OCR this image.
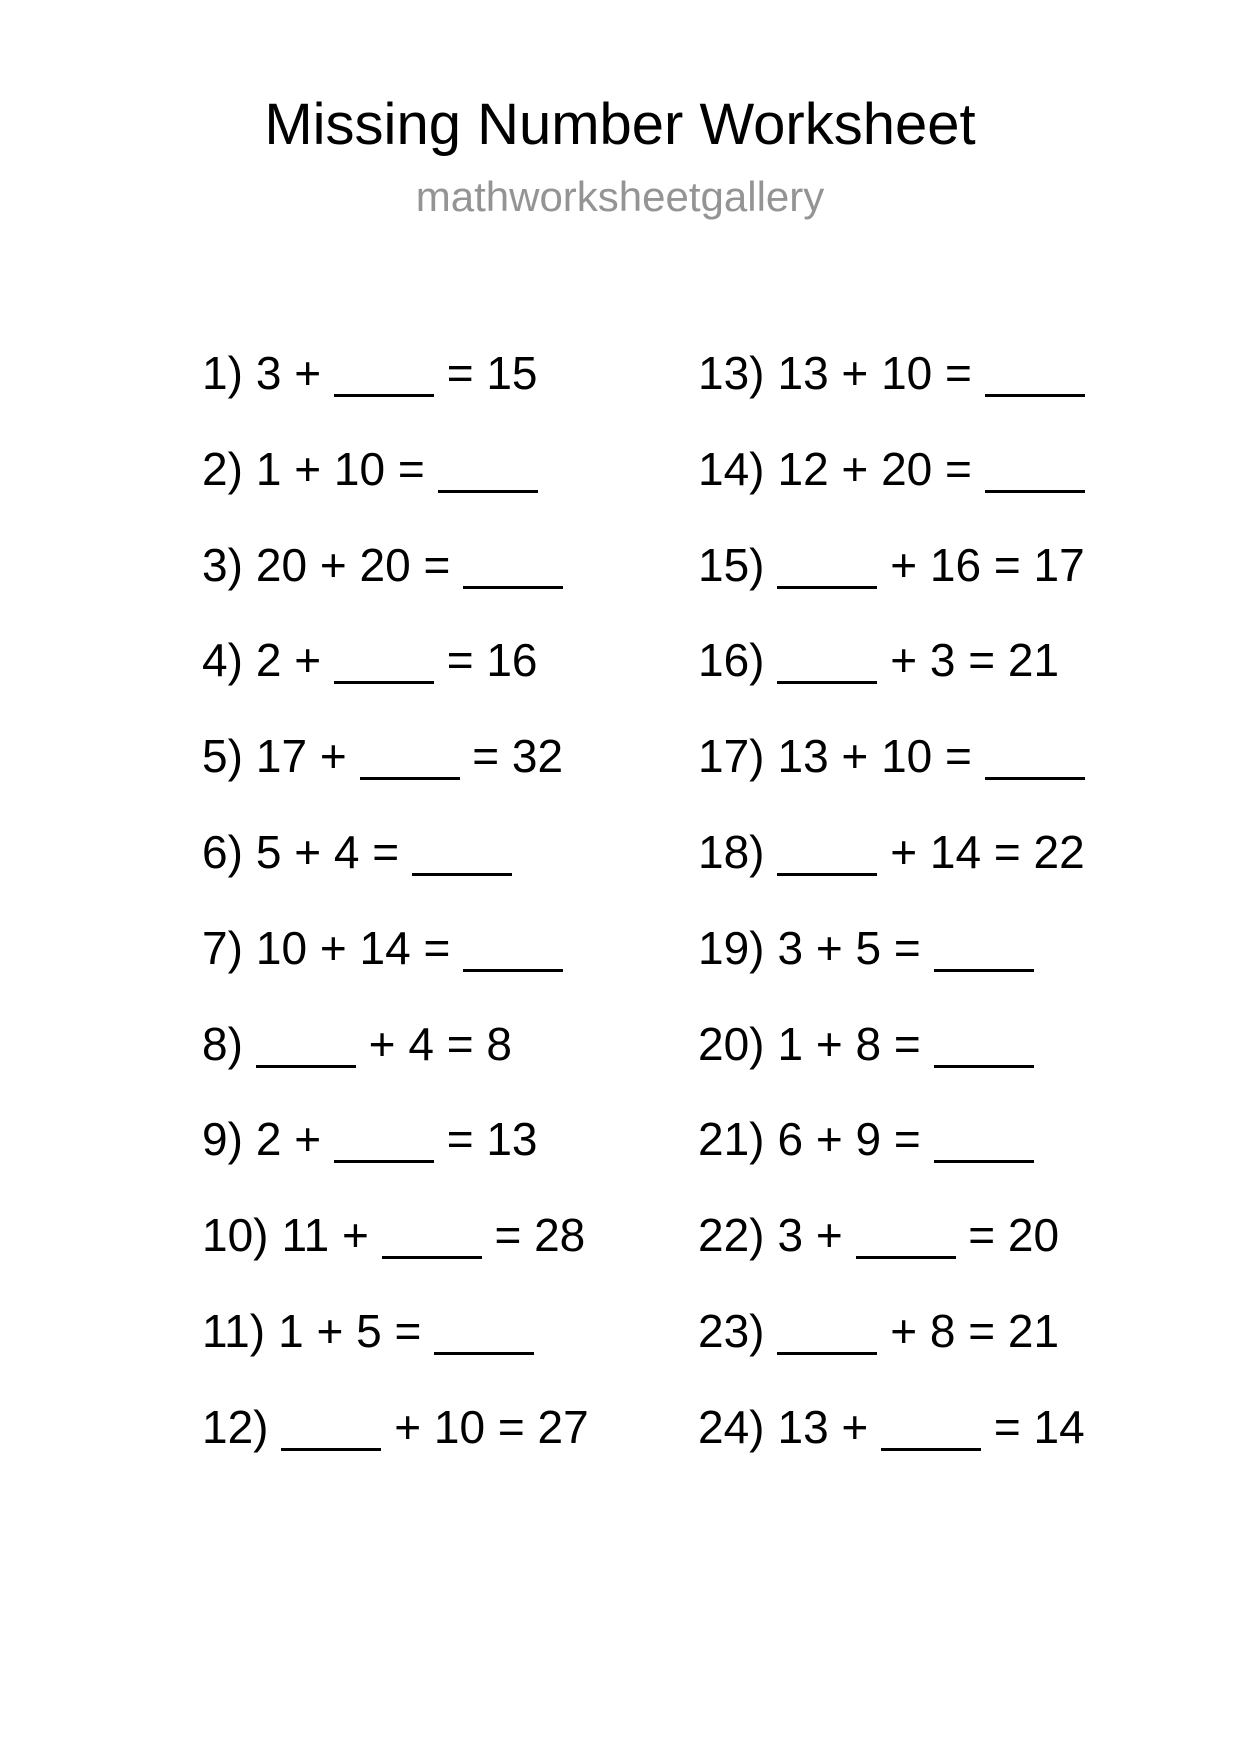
Missing Number Worksheet
mathworksheetgallery
1) 3 +  = 15
2) 1 + 10 =
3) 20 + 20 =
4) 2 +  = 16
5) 17 +  = 32
6) 5 + 4 =
7) 10 + 14 =
8) + 4 = 8
9) 2 +  = 13
10) 11 +  = 28
11) 1 + 5 =
12) + 10 = 27
13) 13 + 10 =
14) 12 + 20 =
15) + 16 = 17
16) + 3 = 21
17) 13 + 10 =
18) + 14 = 22
19) 3 + 5 =
20) 1 + 8 =
21) 6 + 9 =
22) 3 +  = 20
23) + 8 = 21
24) 13 +  = 14
